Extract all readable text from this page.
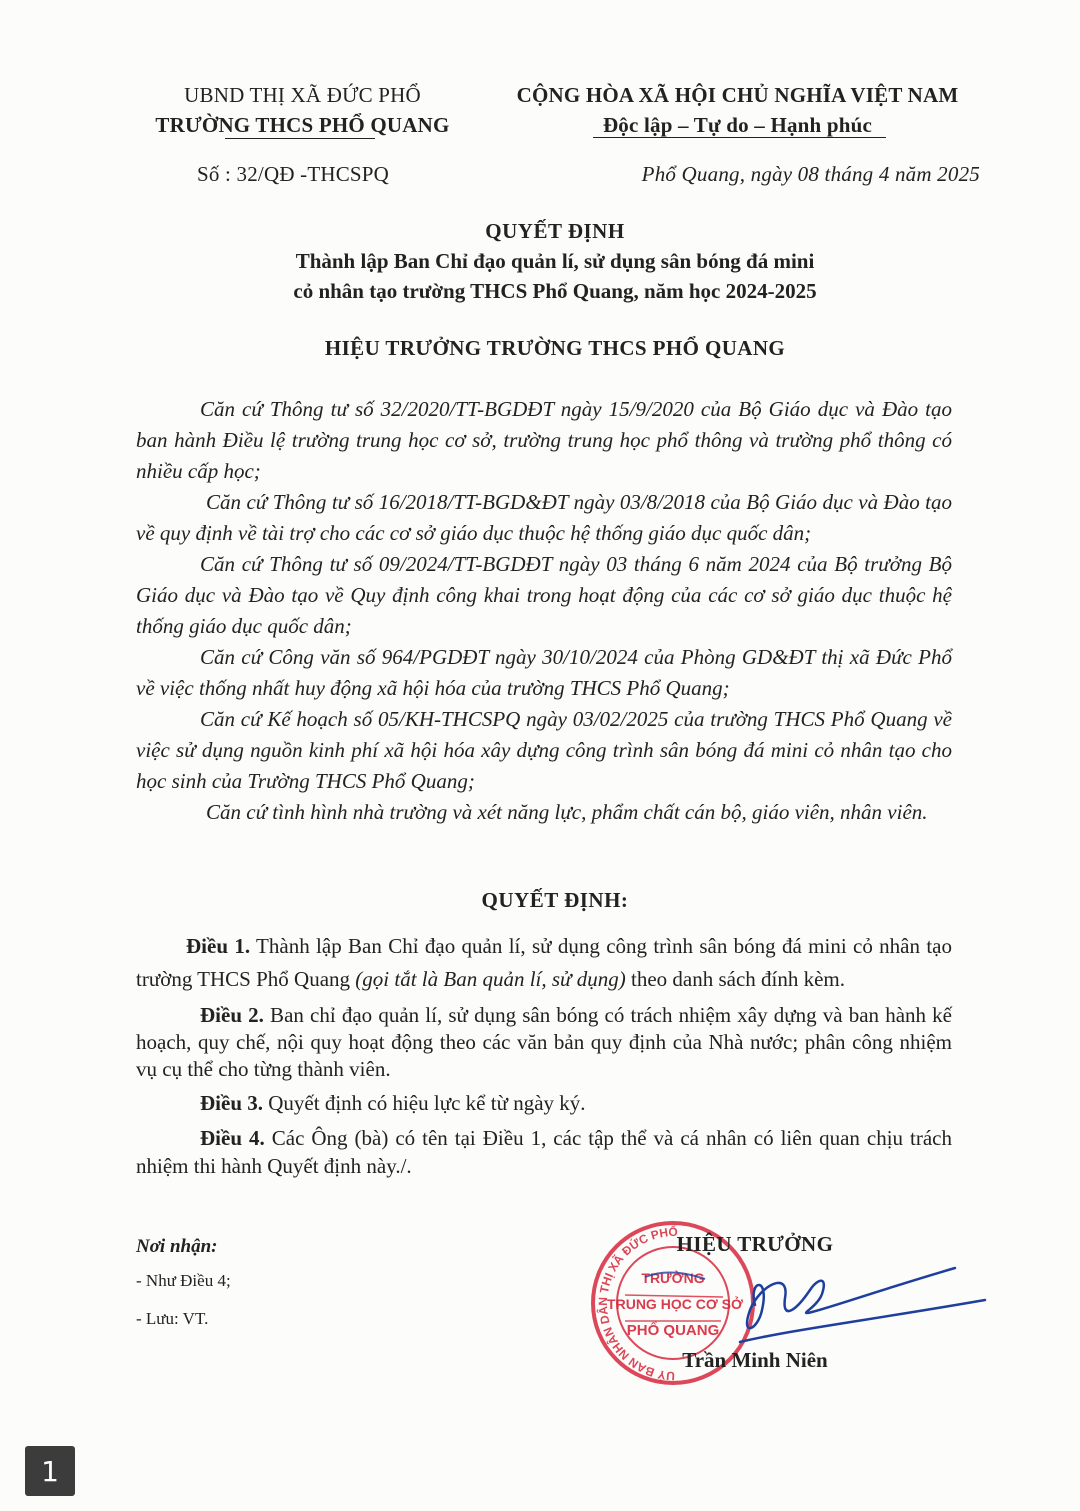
UBND THỊ XÃ ĐỨC PHỔ
TRƯỜNG THCS PHỔ QUANG
CỘNG HÒA XÃ HỘI CHỦ NGHĨA VIỆT NAM
Độc lập – Tự do – Hạnh phúc
Số : 32/QĐ -THCSPQ	Phổ Quang, ngày 08 tháng 4 năm 2025
QUYẾT ĐỊNH
Thành lập Ban Chỉ đạo quản lí, sử dụng sân bóng đá mini
cỏ nhân tạo trường THCS Phổ Quang, năm học 2024-2025
HIỆU TRƯỞNG TRƯỜNG THCS PHỔ QUANG

Căn cứ Thông tư số 32/2020/TT-BGDĐT ngày 15/9/2020 của Bộ Giáo dục và Đào tạo ban hành Điều lệ trường trung học cơ sở, trường trung học phổ thông và trường phổ thông có nhiều cấp học;

Căn cứ Thông tư số 16/2018/TT-BGD&ĐT ngày 03/8/2018 của Bộ Giáo dục và Đào tạo về quy định về tài trợ cho các cơ sở giáo dục thuộc hệ thống giáo dục quốc dân;

Căn cứ Thông tư số 09/2024/TT-BGDĐT ngày 03 tháng 6 năm 2024 của Bộ trưởng Bộ Giáo dục và Đào tạo về Quy định công khai trong hoạt động của các cơ sở giáo dục thuộc hệ thống giáo dục quốc dân;

Căn cứ Công văn số 964/PGDĐT ngày 30/10/2024 của Phòng GD&ĐT thị xã Đức Phổ về việc thống nhất huy động xã hội hóa của trường THCS Phổ Quang;

Căn cứ Kế hoạch số 05/KH-THCSPQ ngày 03/02/2025 của trường THCS Phổ Quang về việc sử dụng nguồn kinh phí xã hội hóa xây dựng công trình sân bóng đá mini cỏ nhân tạo cho học sinh của Trường THCS Phổ Quang;

Căn cứ tình hình nhà trường và xét năng lực, phẩm chất cán bộ, giáo viên, nhân viên.

QUYẾT ĐỊNH:

Điều 1. Thành lập Ban Chỉ đạo quản lí, sử dụng công trình sân bóng đá mini cỏ nhân tạo trường THCS Phổ Quang (gọi tắt là Ban quản lí, sử dụng) theo danh sách đính kèm.

Điều 2. Ban chỉ đạo quản lí, sử dụng sân bóng có trách nhiệm xây dựng và ban hành kế hoạch, quy chế, nội quy hoạt động theo các văn bản quy định của Nhà nước; phân công nhiệm vụ cụ thể cho từng thành viên.

Điều 3. Quyết định có hiệu lực kể từ ngày ký.

Điều 4. Các Ông (bà) có tên tại Điều 1, các tập thể và cá nhân có liên quan chịu trách nhiệm thi hành Quyết định này./.

Nơi nhận:
- Như Điều 4;
- Lưu: VT.
UỶ BAN NHÂN DÂN THỊ XÃ ĐỨC PHỔ
TRƯỜNG
TRUNG HỌC CƠ SỞ
PHỔ QUANG
HIỆU TRƯỞNG
Trần Minh Niên
1
